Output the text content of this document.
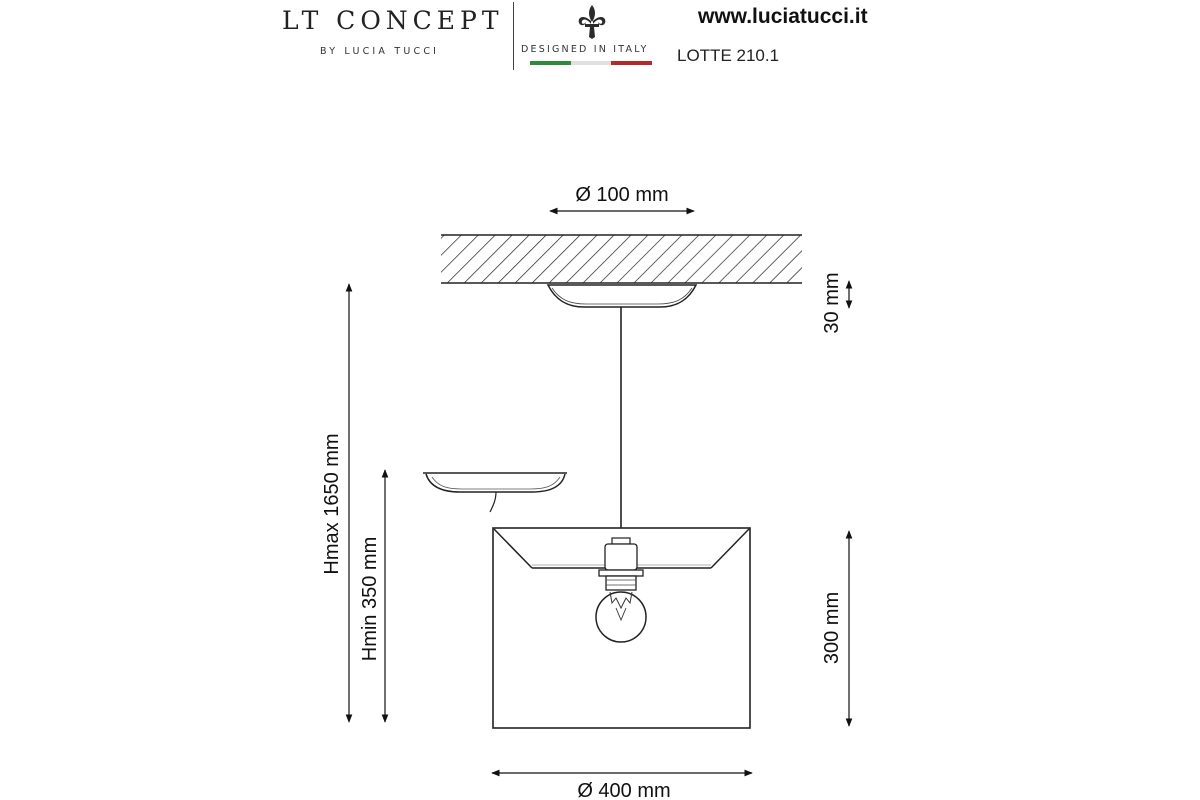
LT CONCEPT
BY LUCIA TUCCI	DESIGNED IN ITALY
www.luciatucci.it
LOTTE 210.1
Ø 100 mm
30 mm
Hmax 1650 mm
Hmin 350 mm	300 mm
Ø 400 mm
